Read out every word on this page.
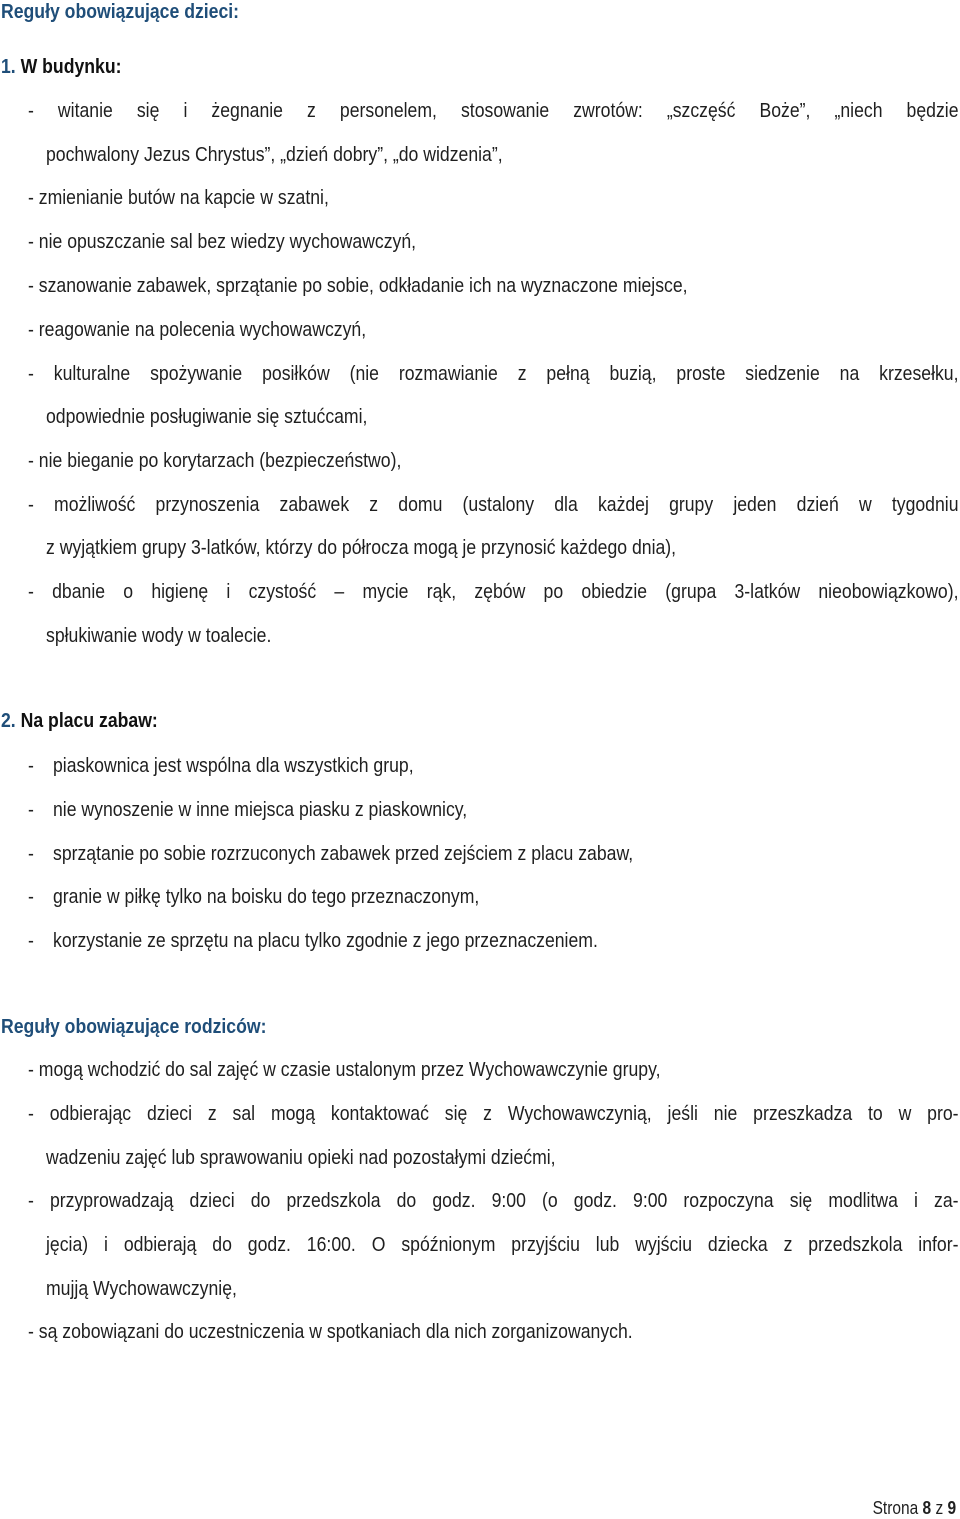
Reguły obowiązujące dzieci:
1. W budynku:
- witanie się i żegnanie z personelem, stosowanie zwrotów: „szczęść Boże”, „niech będzie
pochwalony Jezus Chrystus”, „dzień dobry”, „do widzenia”,
- zmienianie butów na kapcie w szatni,
- nie opuszczanie sal bez wiedzy wychowawczyń,
- szanowanie zabawek, sprzątanie po sobie, odkładanie ich na wyznaczone miejsce,
- reagowanie na polecenia wychowawczyń,
- kulturalne spożywanie posiłków (nie rozmawianie z pełną buzią, proste siedzenie na krzesełku,
odpowiednie posługiwanie się sztućcami,
- nie bieganie po korytarzach (bezpieczeństwo),
- możliwość przynoszenia zabawek z domu (ustalony dla każdej grupy jeden dzień w tygodniu
z wyjątkiem grupy 3-latków, którzy do półrocza mogą je przynosić każdego dnia),
- dbanie o higienę i czystość – mycie rąk, zębów po obiedzie (grupa 3-latków nieobowiązkowo),
spłukiwanie wody w toalecie.
2. Na placu zabaw:
- piaskownica jest wspólna dla wszystkich grup,
- nie wynoszenie w inne miejsca piasku z piaskownicy,
- sprzątanie po sobie rozrzuconych zabawek przed zejściem z placu zabaw,
- granie w piłkę tylko na boisku do tego przeznaczonym,
- korzystanie ze sprzętu na placu tylko zgodnie z jego przeznaczeniem.
Reguły obowiązujące rodziców:
- mogą wchodzić do sal zajęć w czasie ustalonym przez Wychowawczynie grupy,
- odbierając dzieci z sal mogą kontaktować się z Wychowawczynią, jeśli nie przeszkadza to w pro-
wadzeniu zajęć lub sprawowaniu opieki nad pozostałymi dziećmi,
- przyprowadzają dzieci do przedszkola do godz. 9:00 (o godz. 9:00 rozpoczyna się modlitwa i za-
jęcia) i odbierają do godz. 16:00. O spóźnionym przyjściu lub wyjściu dziecka z przedszkola infor-
mujją Wychowawczynię,
- są zobowiązani do uczestniczenia w spotkaniach dla nich zorganizowanych.
Strona 8 z 9
